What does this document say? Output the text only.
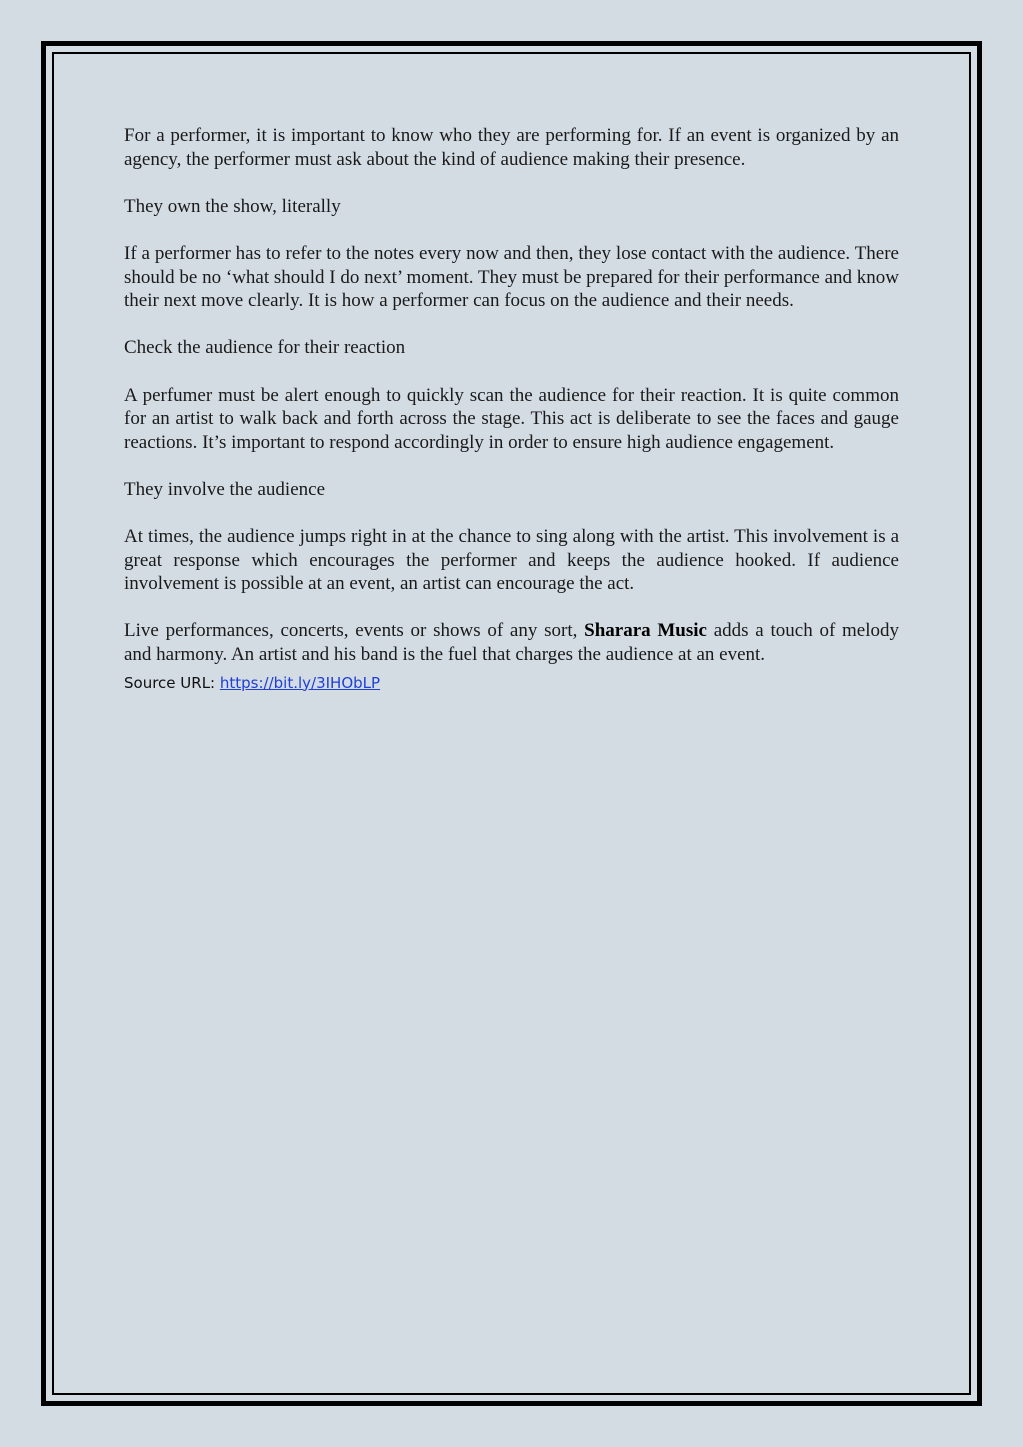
For a performer, it is important to know who they are performing for. If an event is organized by an agency, the performer must ask about the kind of audience making their presence.

They own the show, literally

If a performer has to refer to the notes every now and then, they lose contact with the audience. There should be no ‘what should I do next’ moment. They must be prepared for their performance and know their next move clearly. It is how a performer can focus on the audience and their needs.

Check the audience for their reaction

A perfumer must be alert enough to quickly scan the audience for their reaction. It is quite common for an artist to walk back and forth across the stage. This act is deliberate to see the faces and gauge reactions. It’s important to respond accordingly in order to ensure high audience engagement.

They involve the audience

At times, the audience jumps right in at the chance to sing along with the artist. This involvement is a great response which encourages the performer and keeps the audience hooked. If audience involvement is possible at an event, an artist can encourage the act.

Live performances, concerts, events or shows of any sort, Sharara Music adds a touch of melody and harmony. An artist and his band is the fuel that charges the audience at an event.

Source URL: https://bit.ly/3IHObLP
